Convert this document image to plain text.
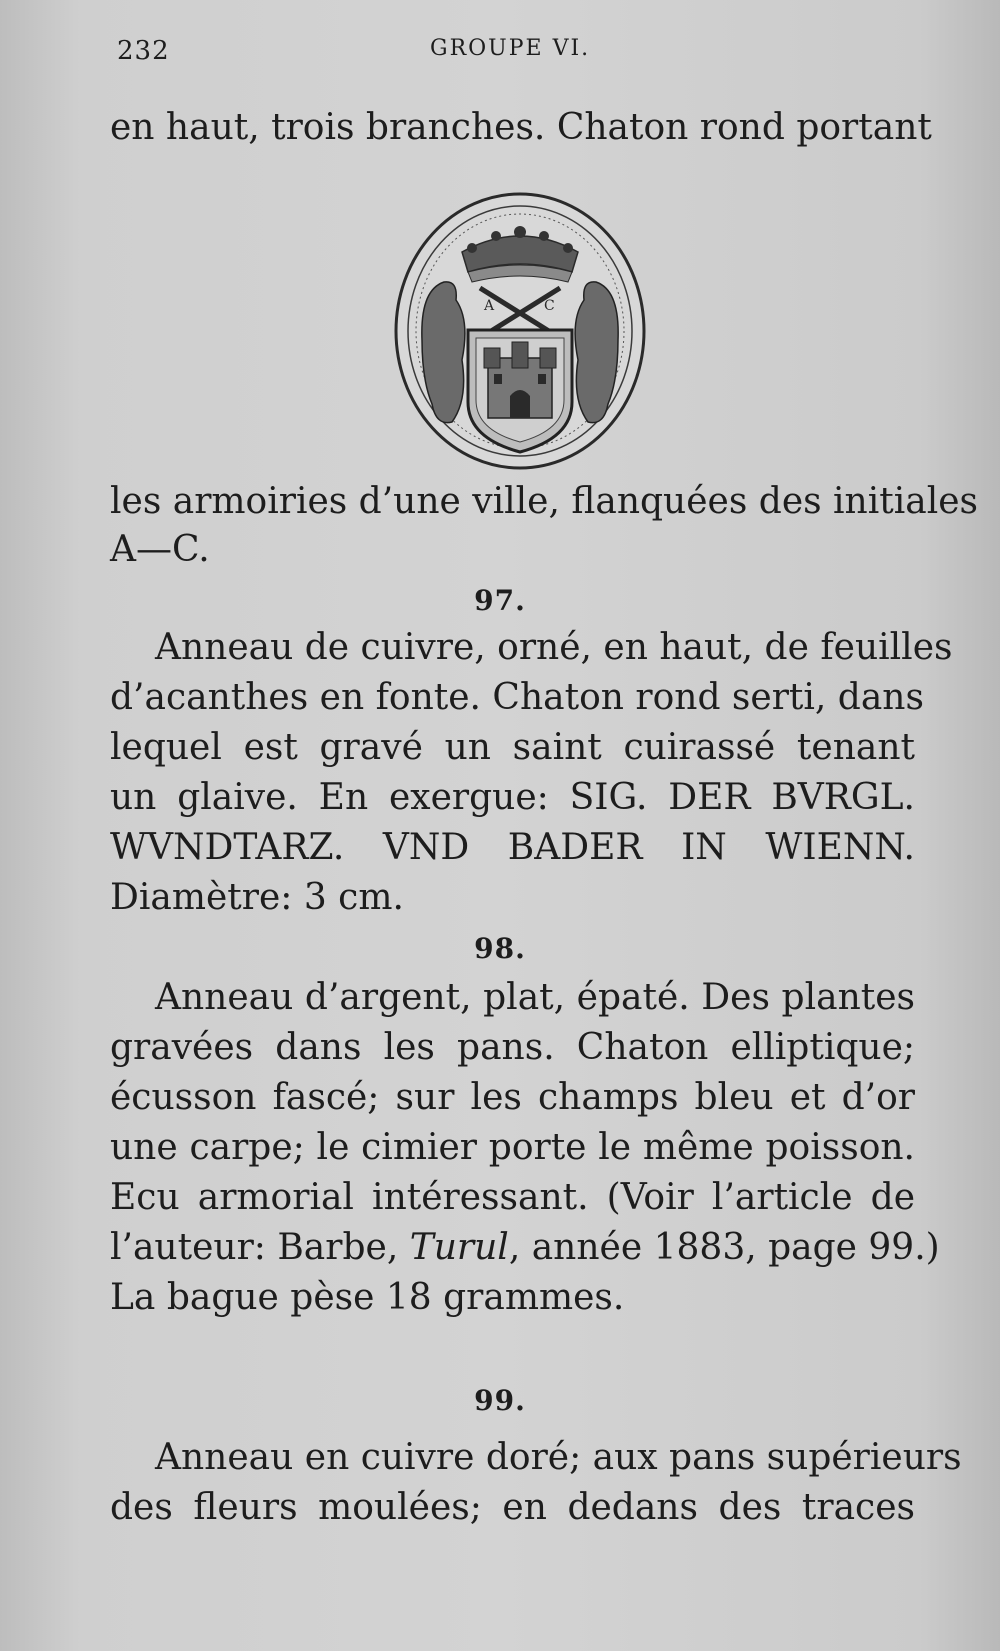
232	GROUPE VI.
en haut, trois branches. Chaton rond portant
A	C
les armoiries d’une ville, flanquées des initiales
A—C.
97.
Anneau de cuivre, orné, en haut, de feuilles
d’acanthes en fonte. Chaton rond serti, dans
lequel est gravé un saint cuirassé tenant
un glaive. En exergue: SIG. DER BVRGL.
WVNDTARZ. VND BADER IN WIENN.
Diamètre: 3 cm.
98.
Anneau d’argent, plat, épaté. Des plantes
gravées dans les pans. Chaton elliptique;
écusson fascé; sur les champs bleu et d’or
une carpe; le cimier porte le même poisson.
Ecu armorial intéressant. (Voir l’article de
l’auteur: Barbe, Turul, année 1883, page 99.)
La bague pèse 18 grammes.
99.
Anneau en cuivre doré; aux pans supérieurs
des fleurs moulées; en dedans des traces
